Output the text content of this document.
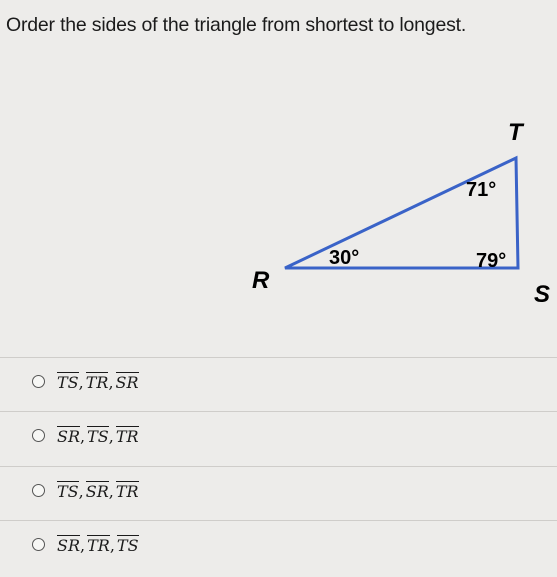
Order the sides of the triangle from shortest to longest.
T
R
S
71°
30°	79°
TS , TR , SR
SR , TS , TR
TS , SR , TR
SR , TR , TS
